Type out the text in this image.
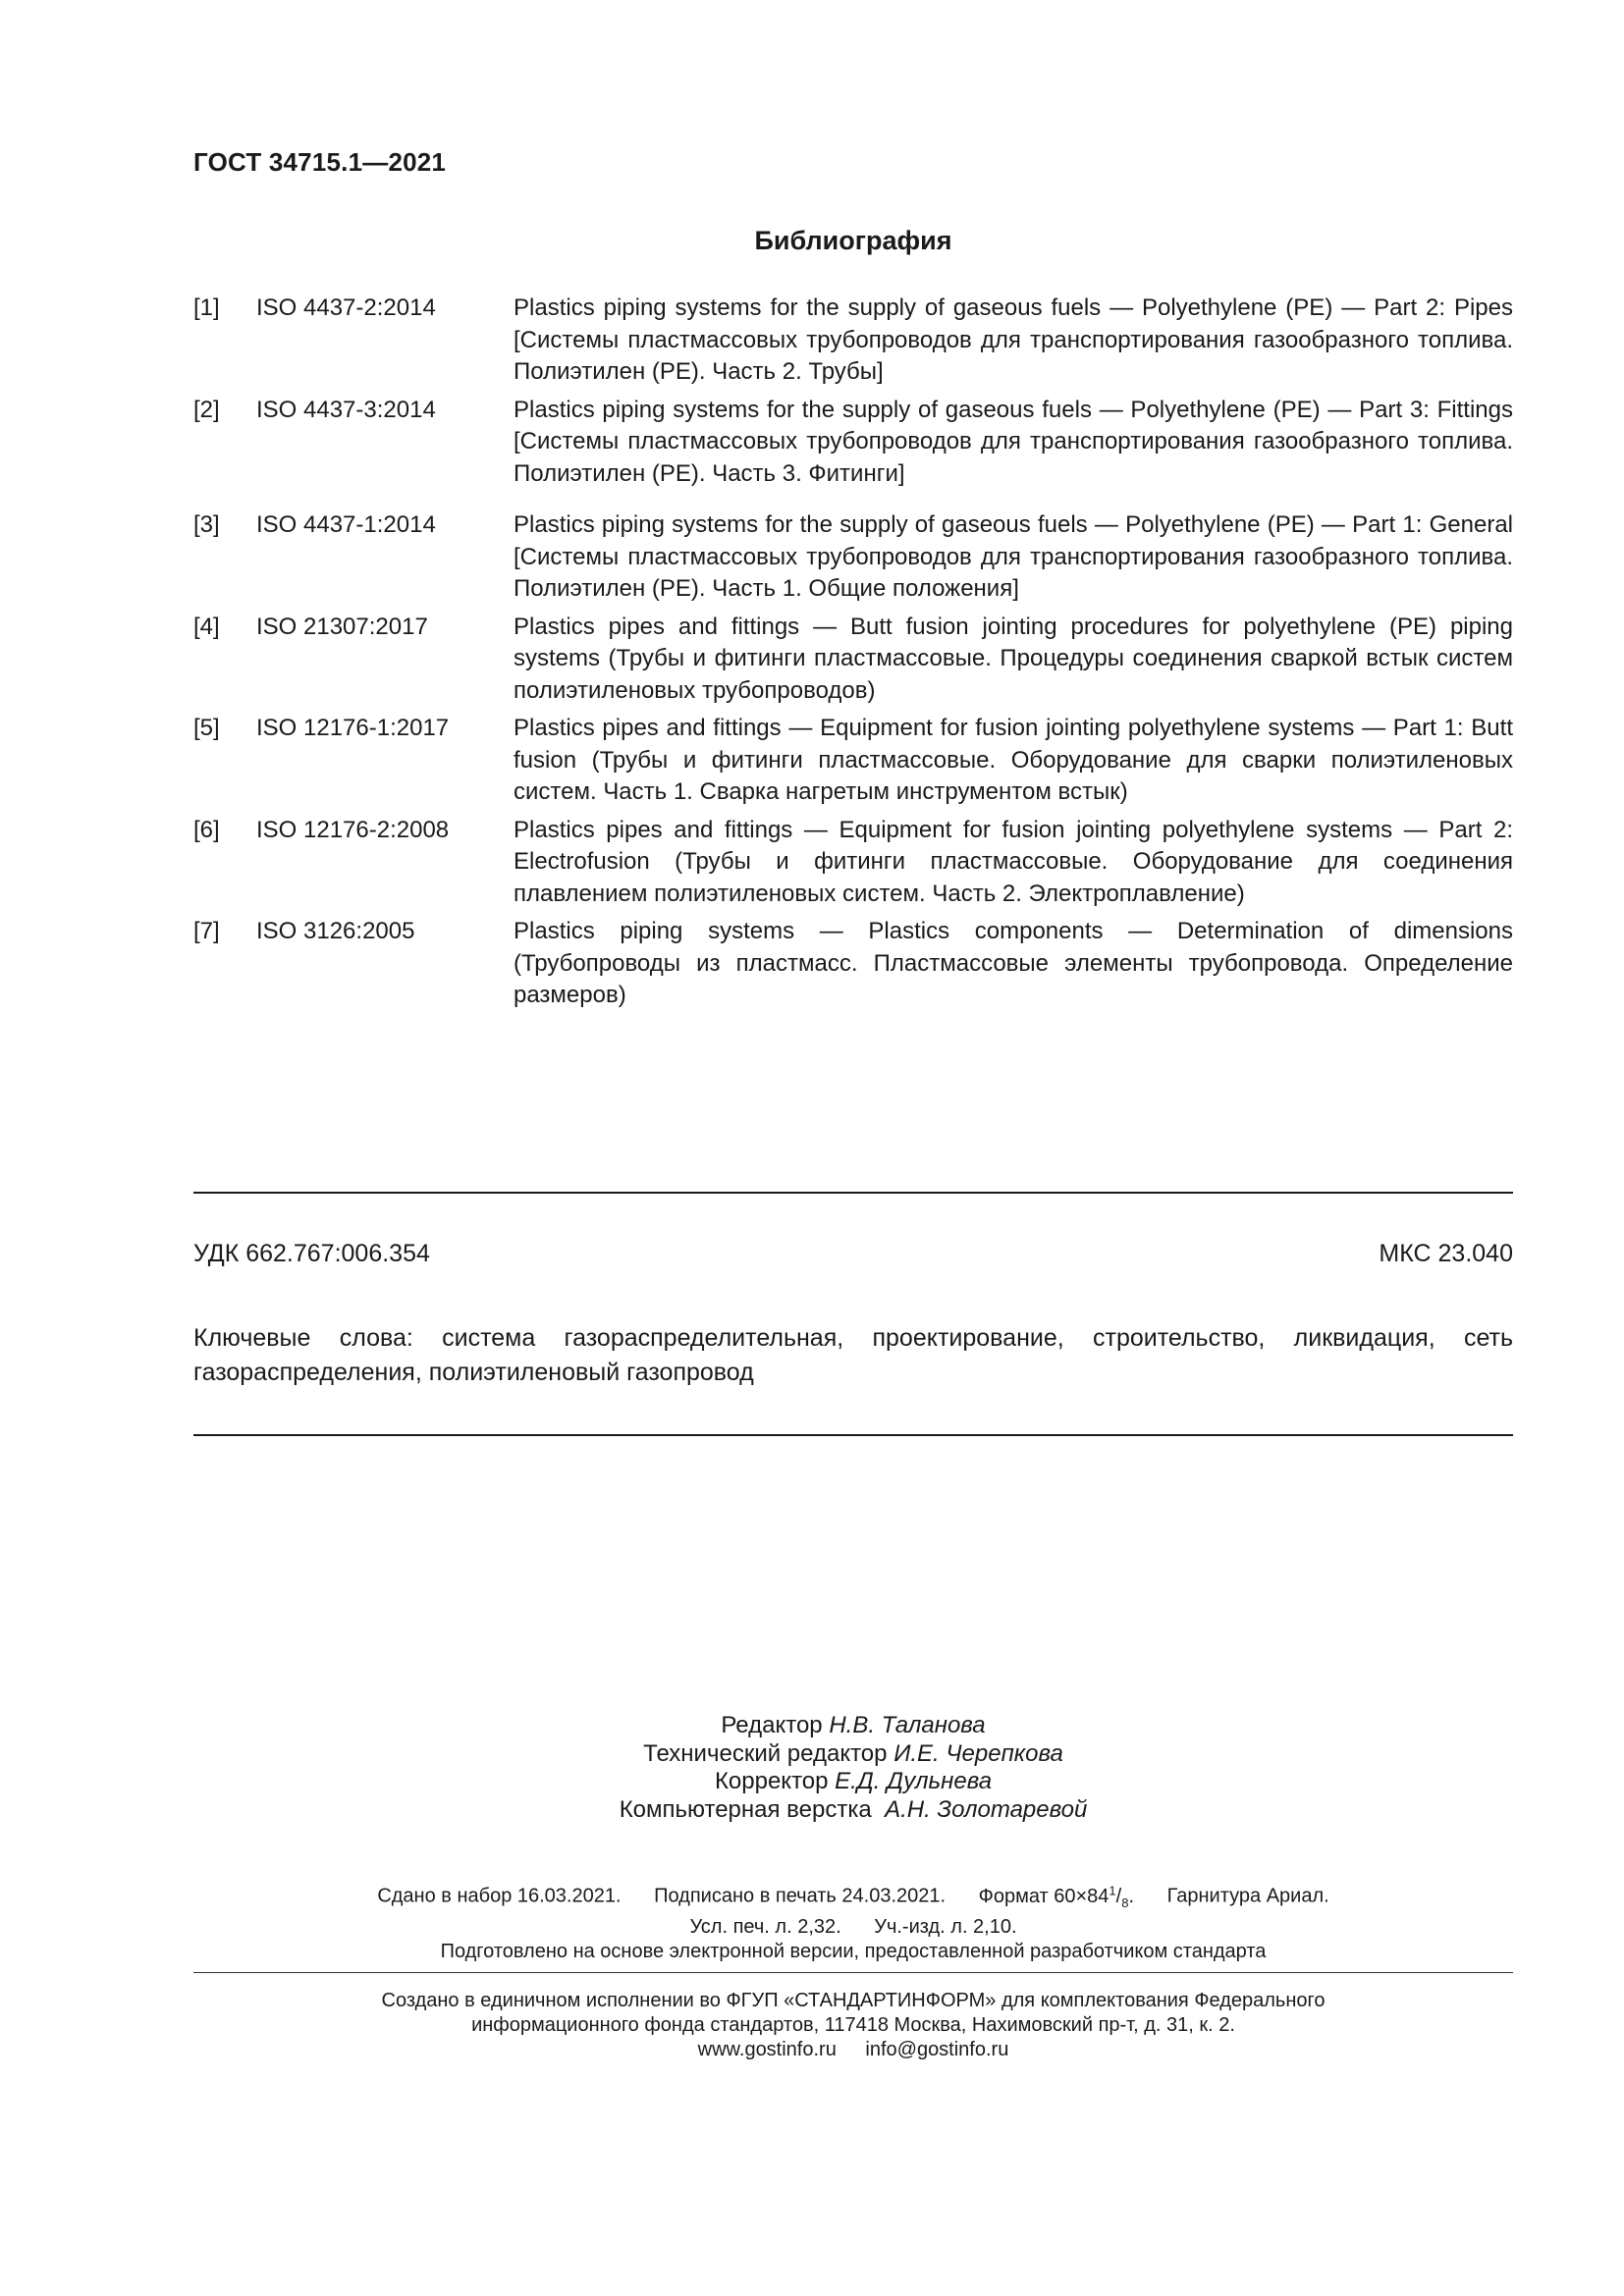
ГОСТ 34715.1—2021
Библиография
[1]	ISO 4437-2:2014	Plastics piping systems for the supply of gaseous fuels — Polyethylene (PE) — Part 2: Pipes [Системы пластмассовых трубопроводов для транспортирования газообразного топлива. Полиэтилен (PE). Часть 2. Трубы]
[2]	ISO 4437-3:2014	Plastics piping systems for the supply of gaseous fuels — Polyethylene (PE) — Part 3: Fittings [Системы пластмассовых трубопроводов для транспортирования газообразного топлива. Полиэтилен (PE). Часть 3. Фитинги]
[3]	ISO 4437-1:2014	Plastics piping systems for the supply of gaseous fuels — Polyethylene (PE) — Part 1: General [Системы пластмассовых трубопроводов для транспортирования газообразного топлива. Полиэтилен (PE). Часть 1. Общие положения]
[4]	ISO 21307:2017	Plastics pipes and fittings — Butt fusion jointing procedures for polyethylene (PE) piping systems (Трубы и фитинги пластмассовые. Процедуры соединения сваркой встык систем полиэтиленовых трубопроводов)
[5]	ISO 12176-1:2017	Plastics pipes and fittings — Equipment for fusion jointing polyethylene systems — Part 1: Butt fusion (Трубы и фитинги пластмассовые. Оборудование для сварки полиэтиленовых систем. Часть 1. Сварка нагретым инструментом встык)
[6]	ISO 12176-2:2008	Plastics pipes and fittings — Equipment for fusion jointing polyethylene systems — Part 2: Electrofusion (Трубы и фитинги пластмассовые. Оборудование для соединения плавлением полиэтиленовых систем. Часть 2. Электроплавление)
[7]	ISO 3126:2005	Plastics piping systems — Plastics components — Determination of dimensions (Трубопроводы из пластмасс. Пластмассовые элементы трубопровода. Определение размеров)
УДК 662.767:006.354	МКС 23.040
Ключевые слова: система газораспределительная, проектирование, строительство, ликвидация, сеть газораспределения, полиэтиленовый газопровод
Редактор Н.В. Таланова
Технический редактор И.Е. Черепкова
Корректор Е.Д. Дульнева
Компьютерная верстка А.Н. Золотаревой
Сдано в набор 16.03.2021. Подписано в печать 24.03.2021. Формат $60\times 84^1/_8$. Гарнитура Ариал.
Усл. печ. л. 2,32. Уч.-изд. л. 2,10.
Подготовлено на основе электронной версии, предоставленной разработчиком стандарта
Создано в единичном исполнении во ФГУП «СТАНДАРТИНФОРМ» для комплектования Федерального
информационного фонда стандартов, 117418 Москва, Нахимовский пр-т, д. 31, к. 2.
www.gostinfo.ru info@gostinfo.ru
